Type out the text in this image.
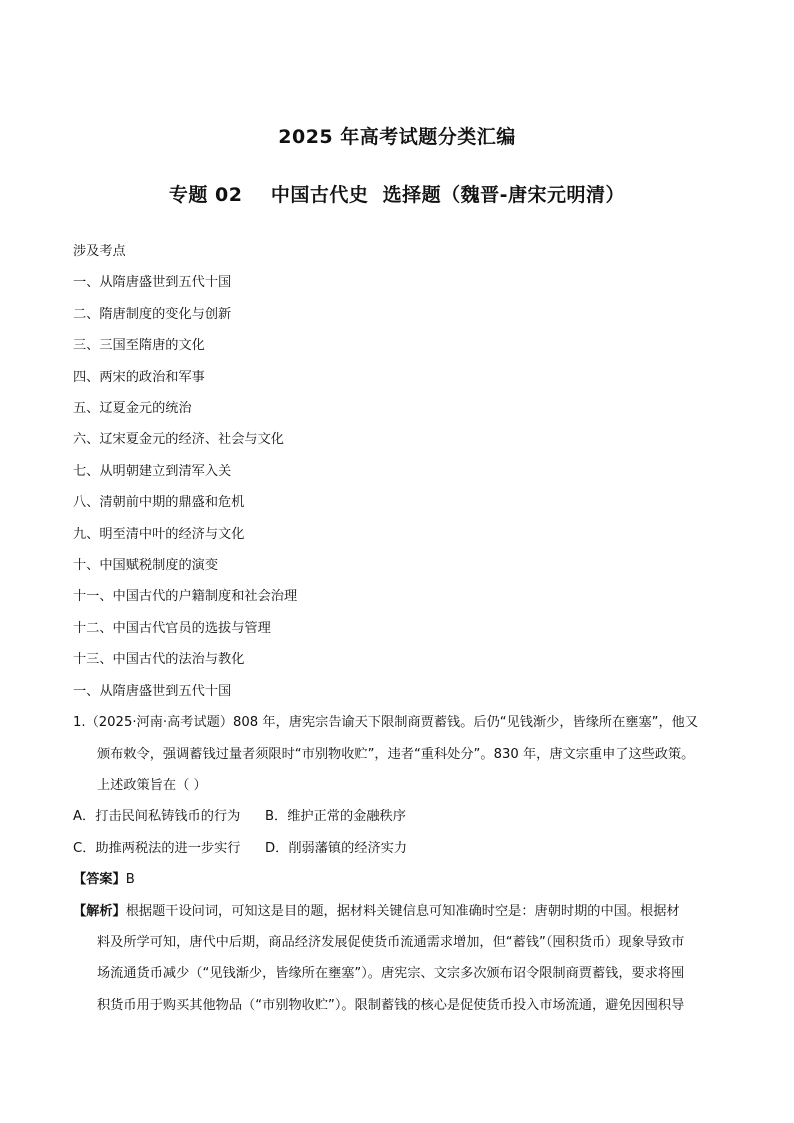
2025 年高考试题分类汇编
专题 02    中国古代史  选择题（魏晋-唐宋元明清）
涉及考点
一、从隋唐盛世到五代十国
二、隋唐制度的变化与创新
三、三国至隋唐的文化
四、两宋的政治和军事
五、辽夏金元的统治
六、辽宋夏金元的经济、社会与文化
七、从明朝建立到清军入关
八、清朝前中期的鼎盛和危机
九、明至清中叶的经济与文化
十、中国赋税制度的演变
十一、中国古代的户籍制度和社会治理
十二、中国古代官员的选拔与管理
十三、中国古代的法治与教化
一、从隋唐盛世到五代十国
1.（2025·河南·高考试题）808 年，唐宪宗告谕天下限制商贾蓄钱。后仍“见钱渐少，皆缘所在壅塞”，他又
颁布敕令，强调蓄钱过量者须限时“市别物收贮”，违者“重科处分”。830 年，唐文宗重申了这些政策。
上述政策旨在（ ）
A．打击民间私铸钱币的行为	B．维护正常的金融秩序
C．助推两税法的进一步实行	D．削弱藩镇的经济实力
【答案】B
【解析】根据题干设问词，可知这是目的题，据材料关键信息可知准确时空是：唐朝时期的中国。根据材
料及所学可知，唐代中后期，商品经济发展促使货币流通需求增加，但“蓄钱”（囤积货币）现象导致市
场流通货币减少（“见钱渐少，皆缘所在壅塞”）。唐宪宗、文宗多次颁布诏令限制商贾蓄钱，要求将囤
积货币用于购买其他物品（“市别物收贮”）。限制蓄钱的核心是促使货币投入市场流通，避免因囤积导
